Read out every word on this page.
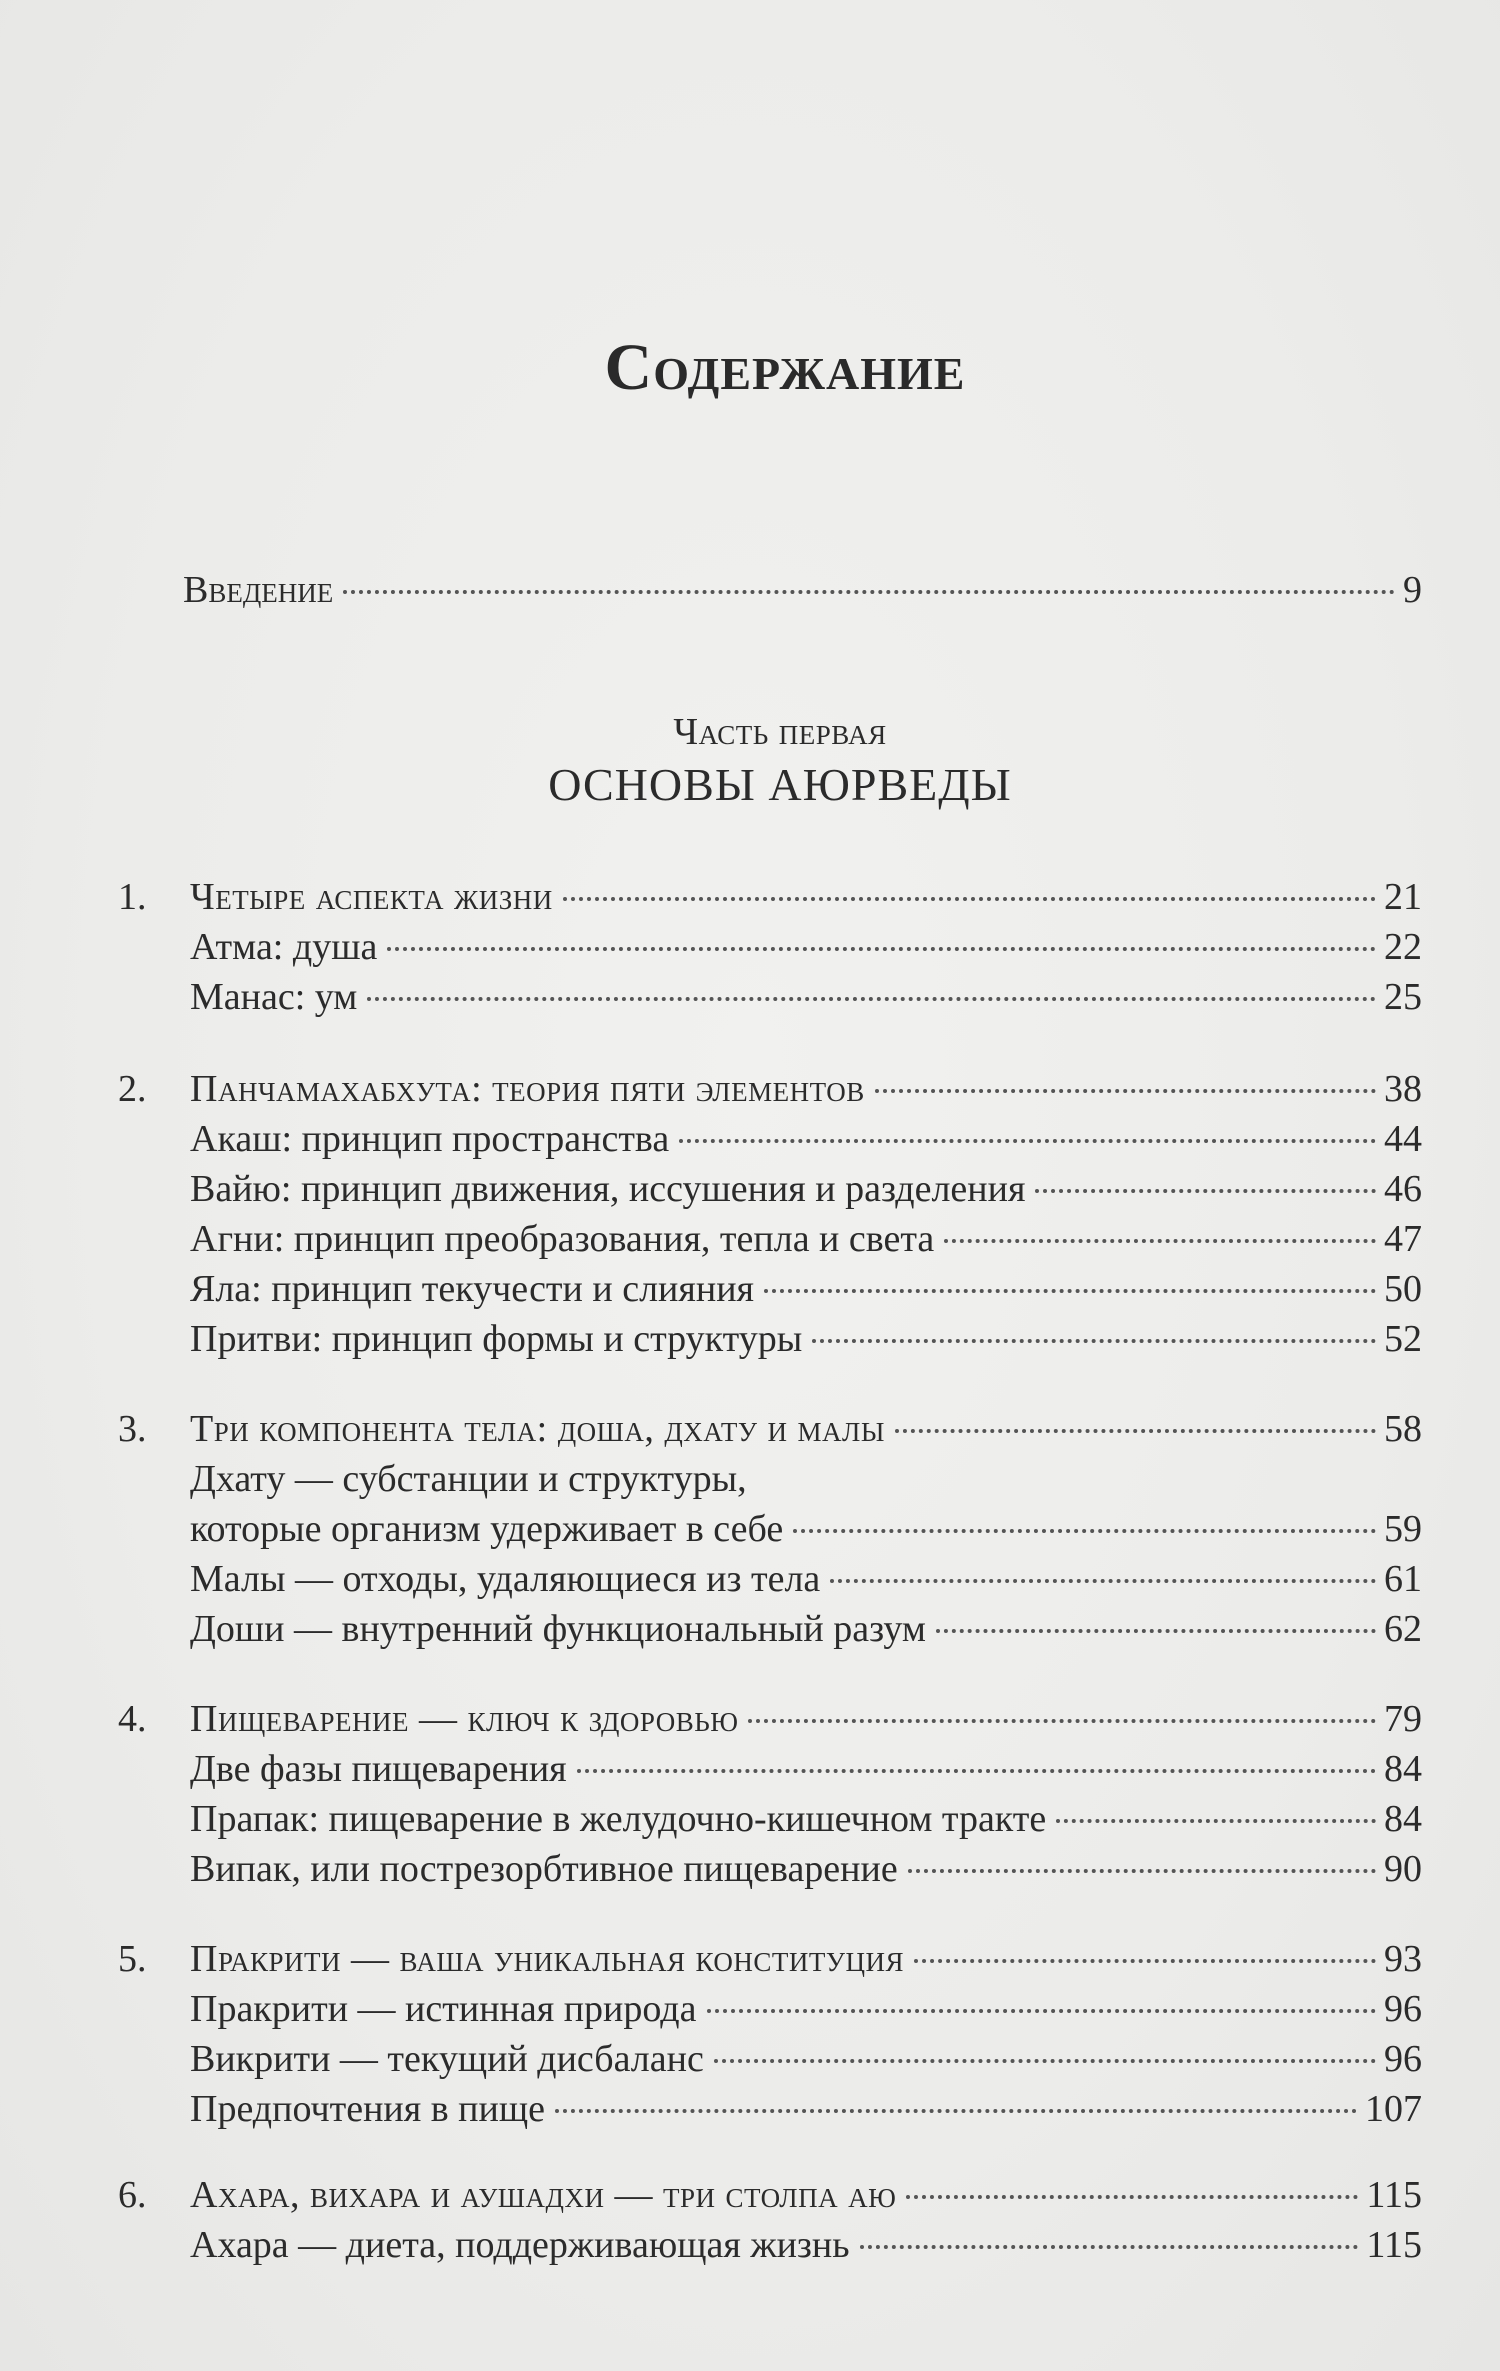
Содержание
Введение	9
Часть первая
ОСНОВЫ АЮРВЕДЫ
1. Четыре аспекта жизни	21
Атма: душа	22
Манас: ум	25
2. Панчамахабхута: теория пяти элементов	38
Акаш: принцип пространства	44
Вайю: принцип движения, иссушения и разделения	46
Агни: принцип преобразования, тепла и света	47
Яла: принцип текучести и слияния	50
Притви: принцип формы и структуры	52
3. Три компонента тела: доша, дхату и малы	58
Дхату — субстанции и структуры,
которые организм удерживает в себе	59
Малы — отходы, удаляющиеся из тела	61
Доши — внутренний функциональный разум	62
4. Пищеварение — ключ к здоровью	79
Две фазы пищеварения	84
Прапак: пищеварение в желудочно-кишечном тракте	84
Випак, или пострезорбтивное пищеварение	90
5. Пракрити — ваша уникальная конституция	93
Пракрити — истинная природа	96
Викрити — текущий дисбаланс	96
Предпочтения в пище	107
6. Ахара, вихара и аушадхи — три столпа аю	115
Ахара — диета, поддерживающая жизнь	115
